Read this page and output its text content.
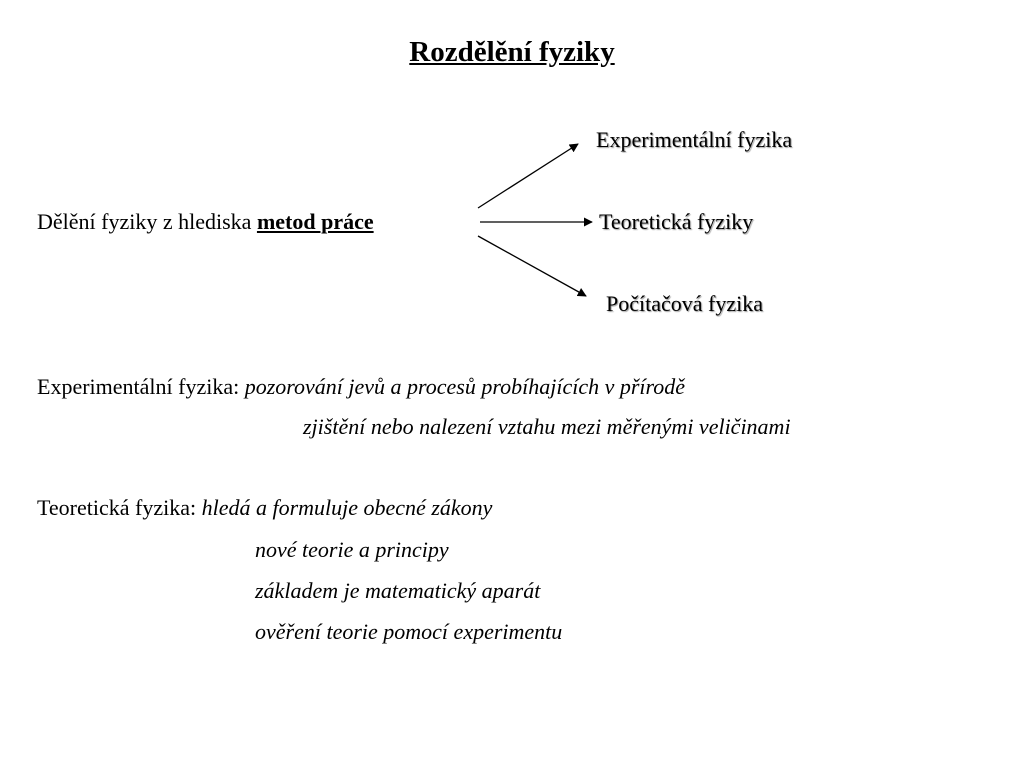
Rozdělění fyziky
Dělění fyziky z hlediska metod práce
Experimentální fyzika
Teoretická fyziky
Počítačová fyzika
Experimentální fyzika: pozorování jevů a procesů probíhajících v přírodě
zjištění nebo nalezení vztahu mezi měřenými veličinami
Teoretická fyzika: hledá a formuluje obecné zákony
nové teorie a principy
základem je matematický aparát
ověření teorie pomocí experimentu
